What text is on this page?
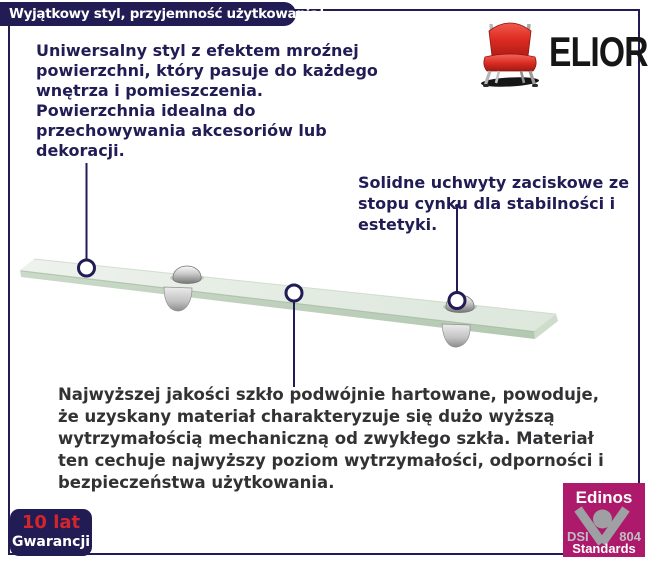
Wyjątkowy styl, przyjemność użytkowania!
ELIOR
Uniwersalny styl z efektem mroźnej
powierzchni, który pasuje do każdego
wnętrza i pomieszczenia.
Powierzchnia idealna do
przechowywania akcesoriów lub
dekoracji.
Solidne uchwyty zaciskowe ze
stopu cynku dla stabilności i
estetyki.
Najwyższej jakości szkło podwójnie hartowane, powoduje,
że uzyskany materiał charakteryzuje się dużo wyższą
wytrzymałością mechaniczną od zwykłego szkła. Materiał
ten cechuje najwyższy poziom wytrzymałości, odporności i
bezpieczeństwa użytkowania.
10 lat
Gwarancji
Edinos
DSI 804
Standards
